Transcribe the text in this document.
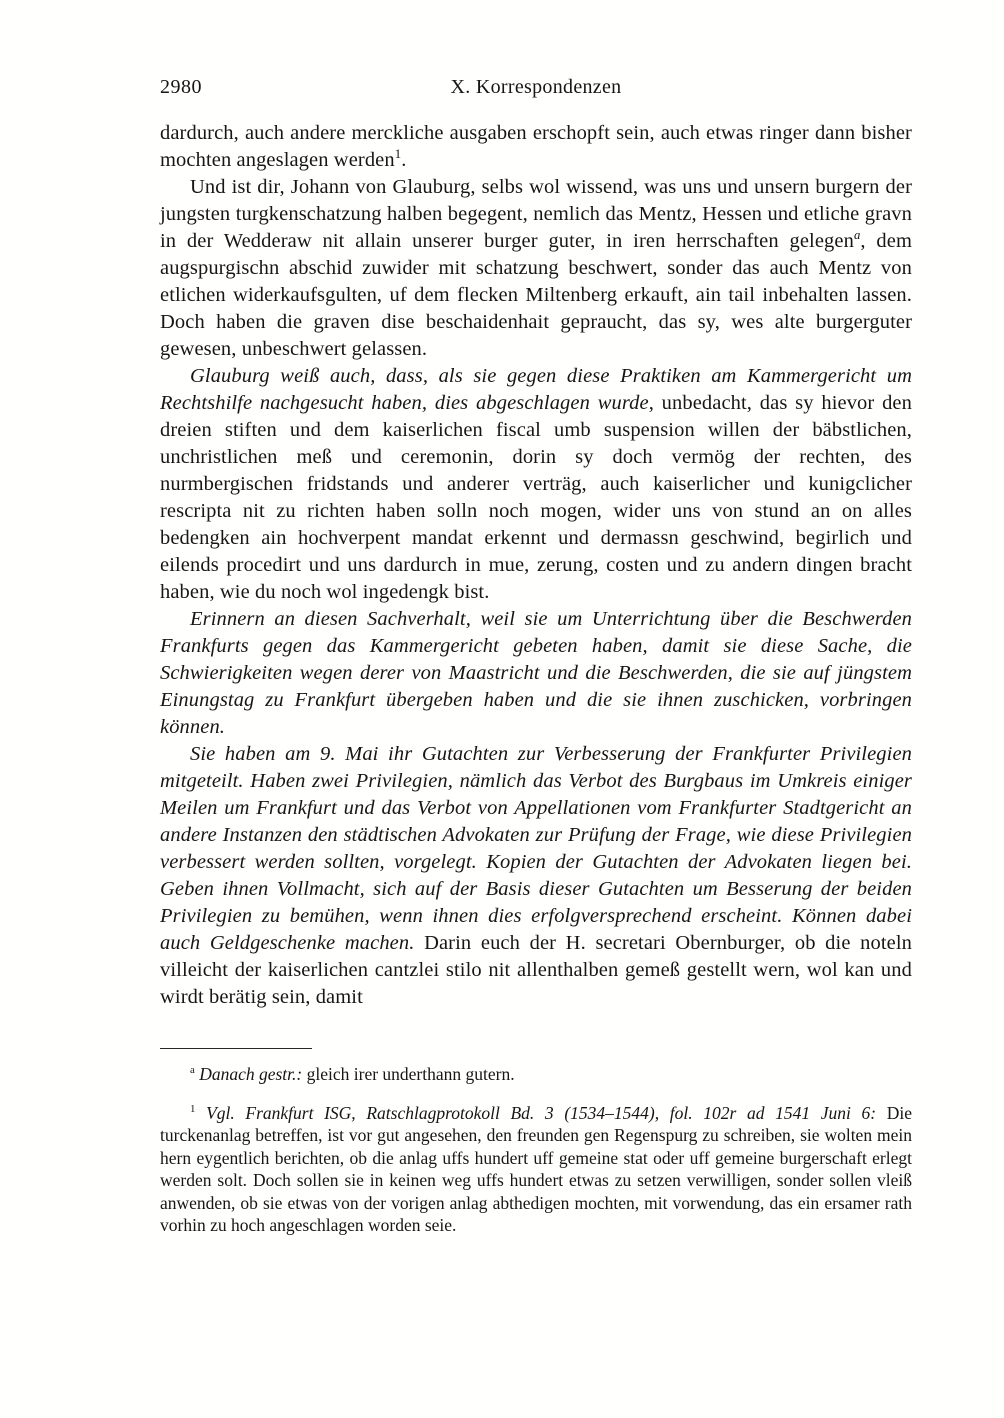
2980	X. Korrespondenzen

dardurch, auch andere merckliche ausgaben erschopft sein, auch etwas ringer dann bisher mochten angeslagen werden$^1$.

Und ist dir, Johann von Glauburg, selbs wol wissend, was uns und unsern burgern der jungsten turgkenschatzung halben begegent, nemlich das Mentz, Hessen und etliche gravn in der Wedderaw nit allain unserer burger guter, in iren herrschaften gelegen$^a$, dem augspurgischn abschid zuwider mit schatzung beschwert, sonder das auch Mentz von etlichen widerkaufsgulten, uf dem flecken Miltenberg erkauft, ain tail inbehalten lassen. Doch haben die graven dise beschaidenhait gepraucht, das sy, wes alte burgerguter gewesen, unbeschwert gelassen.

Glauburg weiß auch, dass, als sie gegen diese Praktiken am Kammergericht um Rechtshilfe nachgesucht haben, dies abgeschlagen wurde, unbedacht, das sy hievor den dreien stiften und dem kaiserlichen fiscal umb suspension willen der bäbstlichen, unchristlichen meß und ceremonin, dorin sy doch vermög der rechten, des nurmbergischen fridstands und anderer verträg, auch kaiserlicher und kunigclicher rescripta nit zu richten haben solln noch mogen, wider uns von stund an on alles bedengken ain hochverpent mandat erkennt und dermassn geschwind, begirlich und eilends procedirt und uns dardurch in mue, zerung, costen und zu andern dingen bracht haben, wie du noch wol ingedengk bist.

Erinnern an diesen Sachverhalt, weil sie um Unterrichtung über die Beschwerden Frankfurts gegen das Kammergericht gebeten haben, damit sie diese Sache, die Schwierigkeiten wegen derer von Maastricht und die Beschwerden, die sie auf jüngstem Einungstag zu Frankfurt übergeben haben und die sie ihnen zuschicken, vorbringen können.

Sie haben am 9. Mai ihr Gutachten zur Verbesserung der Frankfurter Privilegien mitgeteilt. Haben zwei Privilegien, nämlich das Verbot des Burgbaus im Umkreis einiger Meilen um Frankfurt und das Verbot von Appellationen vom Frankfurter Stadtgericht an andere Instanzen den städtischen Advokaten zur Prüfung der Frage, wie diese Privilegien verbessert werden sollten, vorgelegt. Kopien der Gutachten der Advokaten liegen bei. Geben ihnen Vollmacht, sich auf der Basis dieser Gutachten um Besserung der beiden Privilegien zu bemühen, wenn ihnen dies erfolgversprechend erscheint. Können dabei auch Geldgeschenke machen. Darin euch der H. secretari Obernburger, ob die noteln villeicht der kaiserlichen cantzlei stilo nit allenthalben gemeß gestellt wern, wol kan und wirdt berätig sein, damit

$^a$ Danach gestr.: gleich irer underthann gutern.

$^1$ Vgl. Frankfurt ISG, Ratschlagprotokoll Bd. 3 (1534–1544), fol. 102r ad 1541 Juni 6: Die turckenanlag betreffen, ist vor gut angesehen, den freunden gen Regenspurg zu schreiben, sie wolten mein hern eygentlich berichten, ob die anlag uffs hundert uff gemeine stat oder uff gemeine burgerschaft erlegt werden solt. Doch sollen sie in keinen weg uffs hundert etwas zu setzen verwilligen, sonder sollen vleiß anwenden, ob sie etwas von der vorigen anlag abthedigen mochten, mit vorwendung, das ein ersamer rath vorhin zu hoch angeschlagen worden seie.
